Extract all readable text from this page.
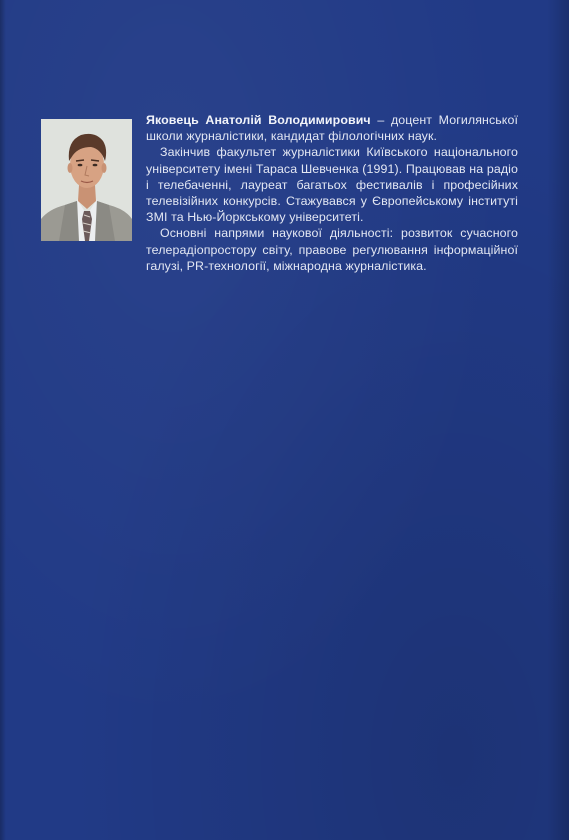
Яковець Анатолій Володимирович – доцент Могилянської школи журналістики, кандидат філологічних наук.

Закінчив факультет журналістики Київського національного університету імені Тараса Шевченка (1991). Працював на радіо і телебаченні, лауреат багатьох фестивалів і професійних телевізійних конкурсів. Стажувався у Європейському інституті ЗМІ та Нью-Йоркському університеті.

Основні напрями наукової діяльності: розвиток сучасного телерадіопростору світу, правове регулювання інформаційної галузі, PR-технології, міжнародна журналістика.
